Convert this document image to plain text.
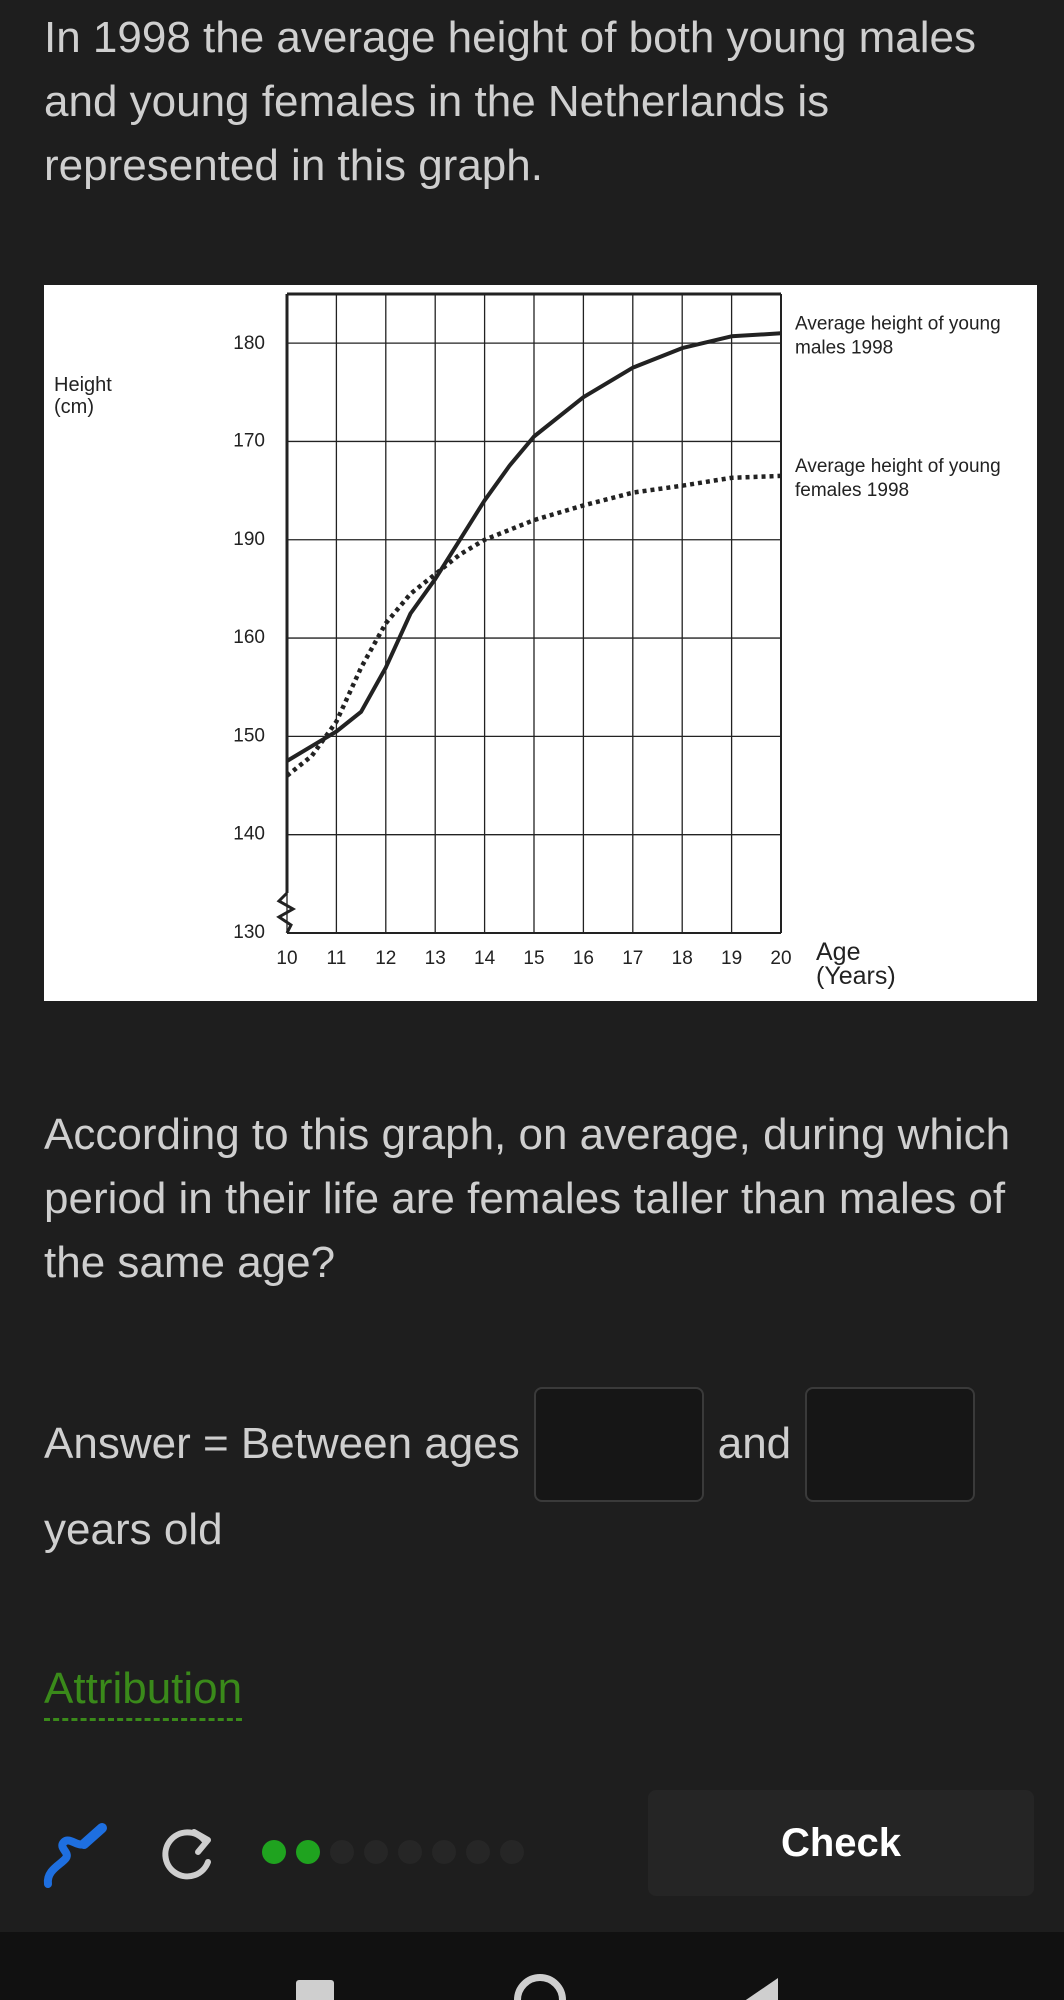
In 1998 the average height of both young males and young females in the Netherlands is represented in this graph.

180
170
190
160
150
140
130
10 11 12 13 14 15 16 17 18 19 20
Height (cm)
Age (Years)
Average height of young males 1998
Average height of young females 1998

According to this graph, on average, during which period in their life are females taller than males of the same age?

Answer = Between ages	and
years old
Attribution
Check
